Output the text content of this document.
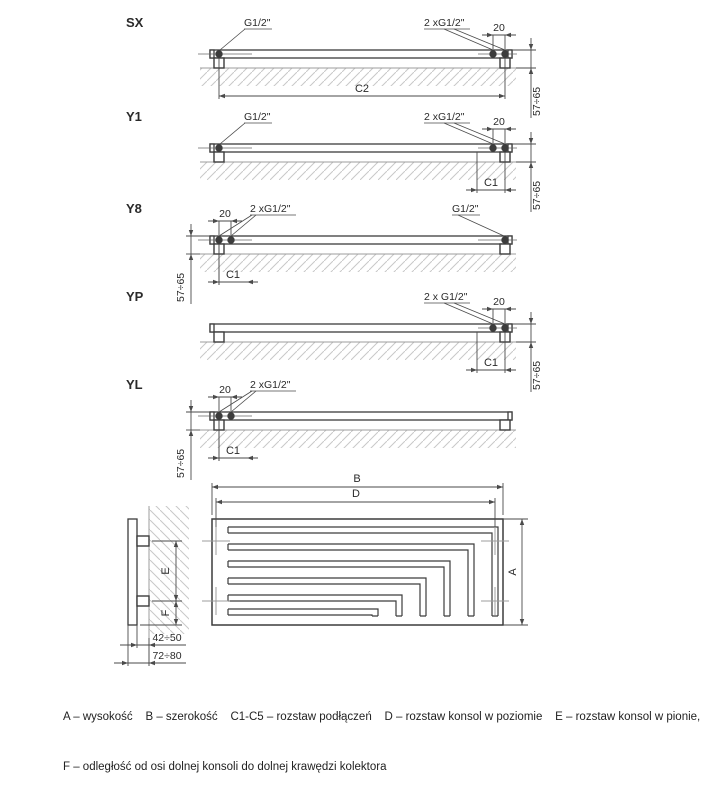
SX	2 xG1/2"
G1/2"	20
C2	57÷65
Y1	2 xG1/2"
G1/2"	20
C1	57÷65
Y8	2 xG1/2"	G1/2"
20
C1
57÷65
YP	2 x G1/2" 20
C1	57÷65
YL	2 xG1/2"
20
C1
57÷65
E
F
42÷50
72÷80
B
D
A

A – wysokość    B – szerokość    C1-C5 – rozstaw podłączeń    D – rozstaw konsol w poziomie    E – rozstaw konsol w pionie,

F – odległość od osi dolnej konsoli do dolnej krawędzi kolektora
